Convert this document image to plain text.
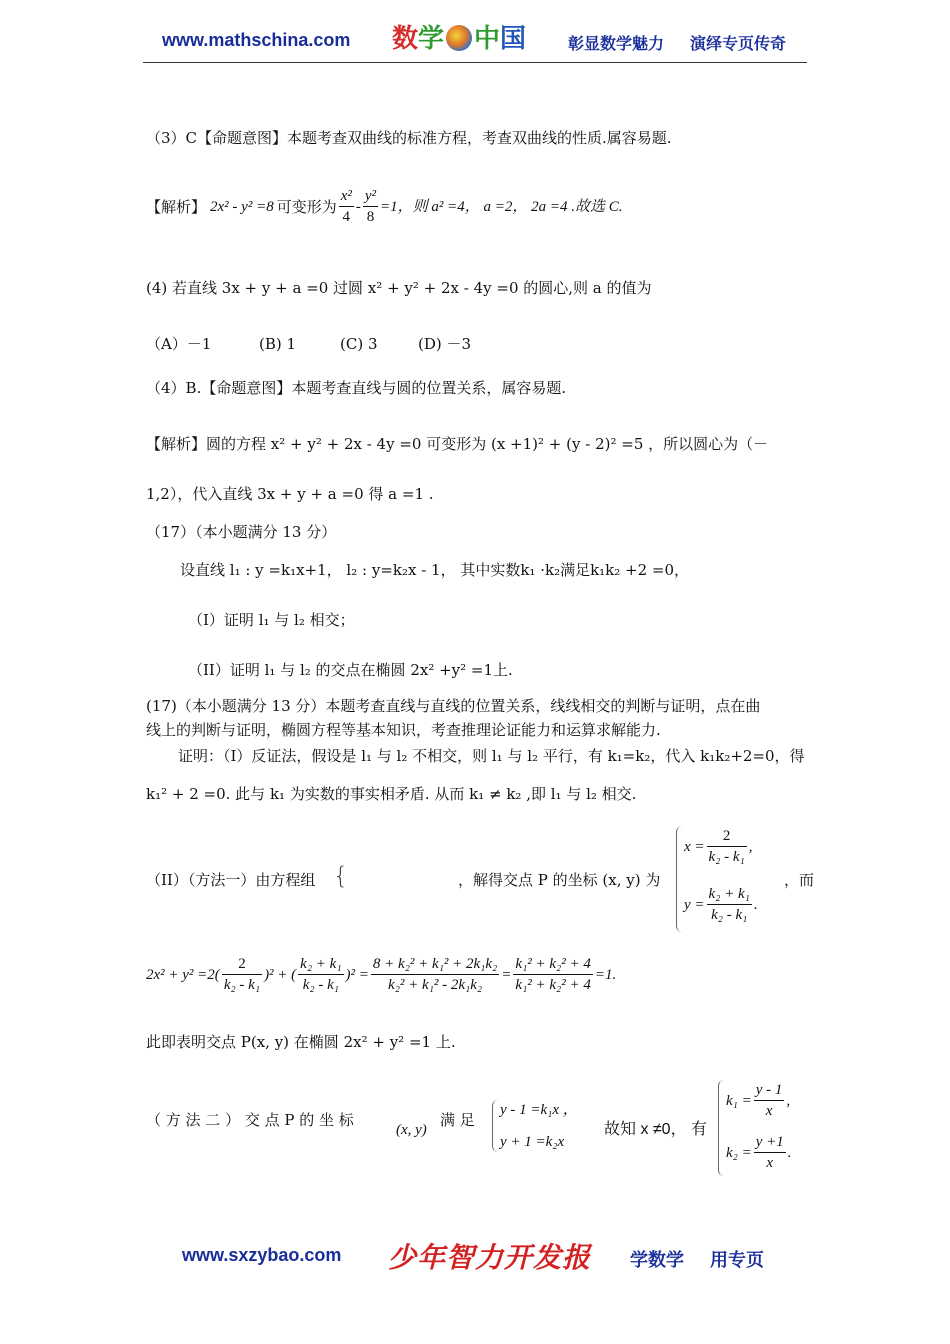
www.mathschina.com 数学 中国	彰显数学魅力 演绎专页传奇
（3）C【命题意图】本题考查双曲线的标准方程，考查双曲线的性质.属容易题.
【解析】 2x² - y² =8 可变形为 $\frac{\text{x²}}{4} - \frac{\text{y²}}{8} =1$，则 a² =4， a =2， 2a =4 .故选 C.
(4) 若直线 3x + y + a =0 过圆 x² + y² + 2x - 4y =0 的圆心,则 a 的值为
（A）－1	(B) 1	(C) 3	(D) －3
（4）B.【命题意图】本题考查直线与圆的位置关系，属容易题.
【解析】圆的方程 x² + y² + 2x - 4y =0 可变形为 (x +1)² + (y - 2)² =5 ，所以圆心为（－
1,2），代入直线 3x + y + a =0 得 a =1 .
（17）（本小题满分 13 分）
设直线 l₁ : y =k₁x+1， l₂ : y=k₂x - 1， 其中实数k₁ ·k₂满足k₁k₂ +2 =0，
（I）证明 l₁ 与 l₂ 相交；
（II）证明 l₁ 与 l₂ 的交点在椭圆 2x² +y² =1上.
(17)（本小题满分 13 分）本题考查直线与直线的位置关系，线线相交的判断与证明，点在曲
线上的判断与证明，椭圆方程等基本知识，考查推理论证能力和运算求解能力.
证明：（I）反证法，假设是 l₁ 与 l₂ 不相交，则 l₁ 与 l₂ 平行，有 k₁=k₂，代入 k₁k₂+2=0，得
k₁² + 2 =0. 此与 k₁ 为实数的事实相矛盾. 从而 k₁ ≠ k₂ ,即 l₁ 与 l₂ 相交.
（II）（方法一）由方程组 {	，解得交点 P 的坐标 (x, y) 为
$x = \frac{2}{\text{k₂ - k₁}}$ ,
$y = \frac{\text{k₂ + k₁}}{\text{k₂ - k₁}}$ .
，而
$2x^2 + y^2 =2( \frac{2}{\text{k₂ - k₁}} )^2$ + ( $\frac{\text{k₂ + k₁}}{\text{k₂ - k₁}} )^2 = \frac{\text{8 + k₂² + k₁² + 2k₁k₂}}{\text{k₂² + k₁² - 2k₁k₂}} = \frac{\text{k₁² + k₂² + 4}}{\text{k₁² + k₂² + 4}} =1$.
此即表明交点 P(x, y) 在椭圆 2x² + y² =1 上.
（ 方 法 二 ） 交 点 P 的 坐 标
(x, y)
满 足
y - 1 =k₁x ，
y + 1 =k₂x
故知 x ≠0， 有
$k_1 = \frac{y - 1}{x}$ ,
$k_2 = \frac{y +1}{x}$ .
www.sxzybao.com 少年智力开发报 学数学 用专页
